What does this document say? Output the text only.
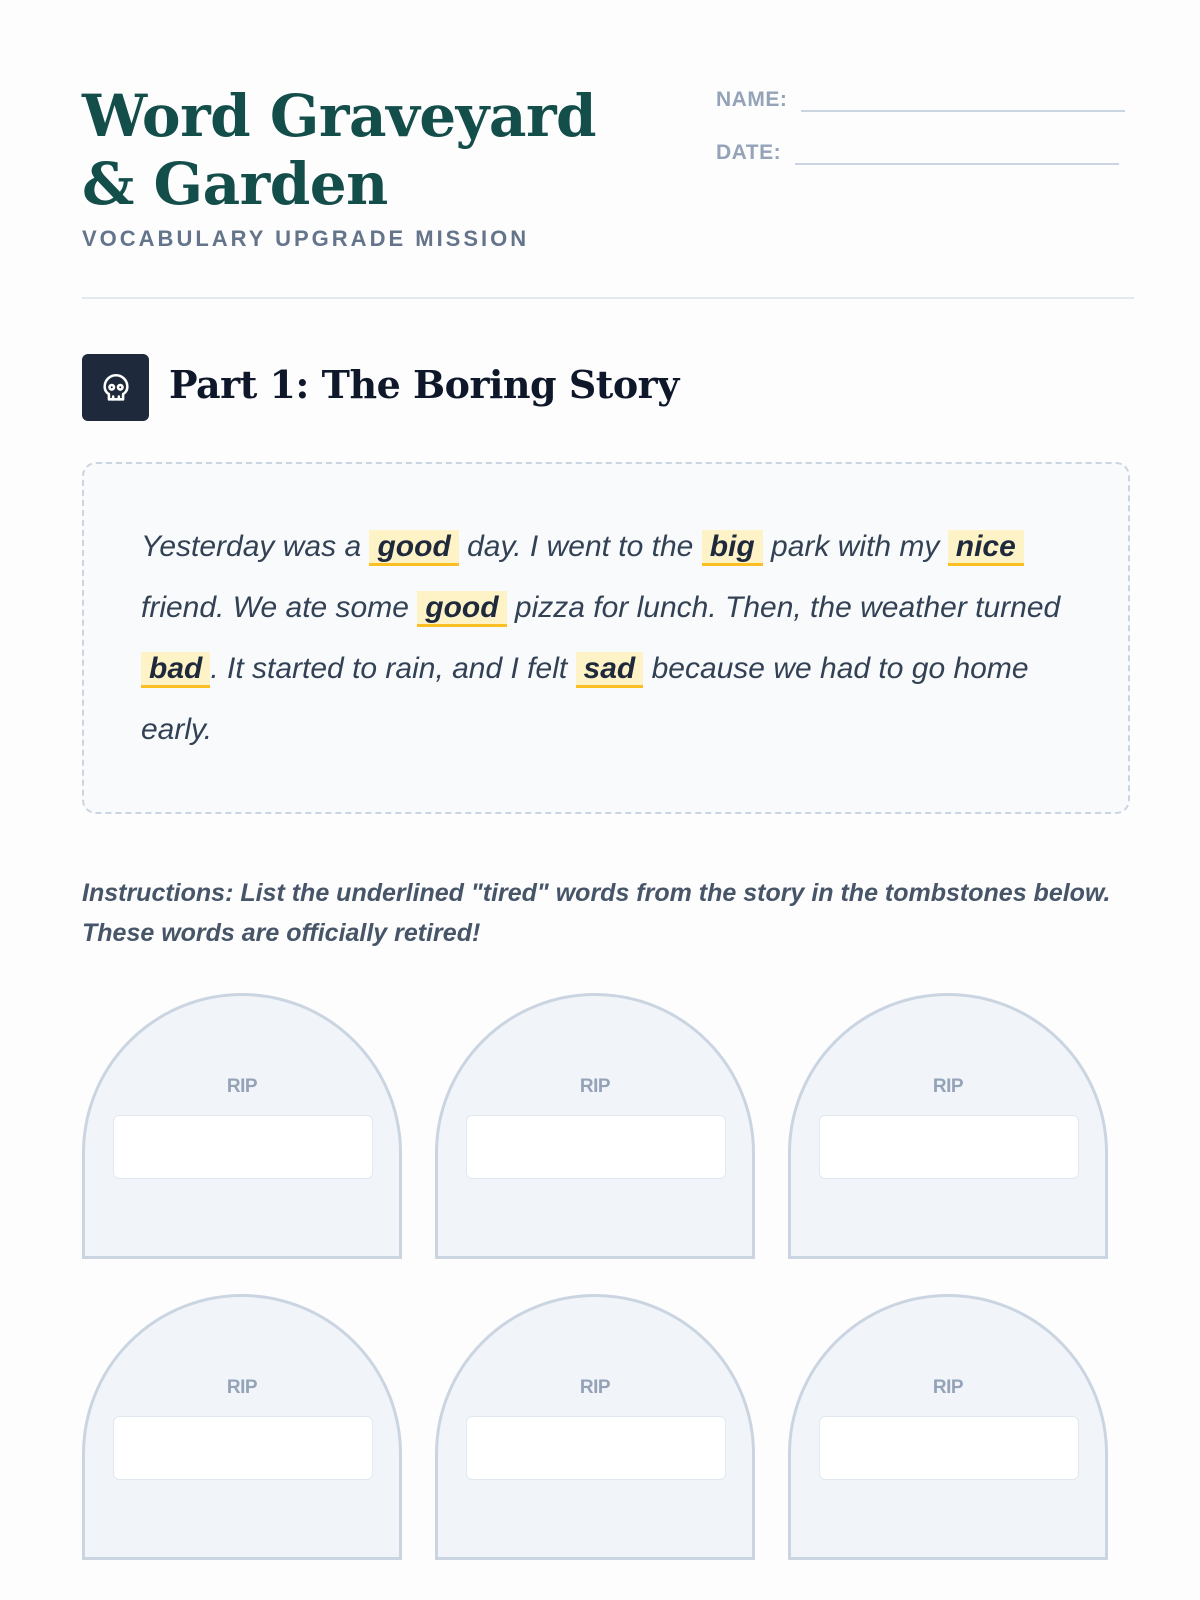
Word Graveyard & Garden
VOCABULARY UPGRADE MISSION
NAME:
DATE:
Part 1: The Boring Story

Yesterday was a good day. I went to the big park with my nice friend. We ate some good pizza for lunch. Then, the weather turned bad . It started to rain, and I felt sad because we had to go home early.

Instructions: List the underlined "tired" words from the story in the tombstones below. These words are officially retired!

RIP	RIP	RIP
RIP	RIP	RIP
